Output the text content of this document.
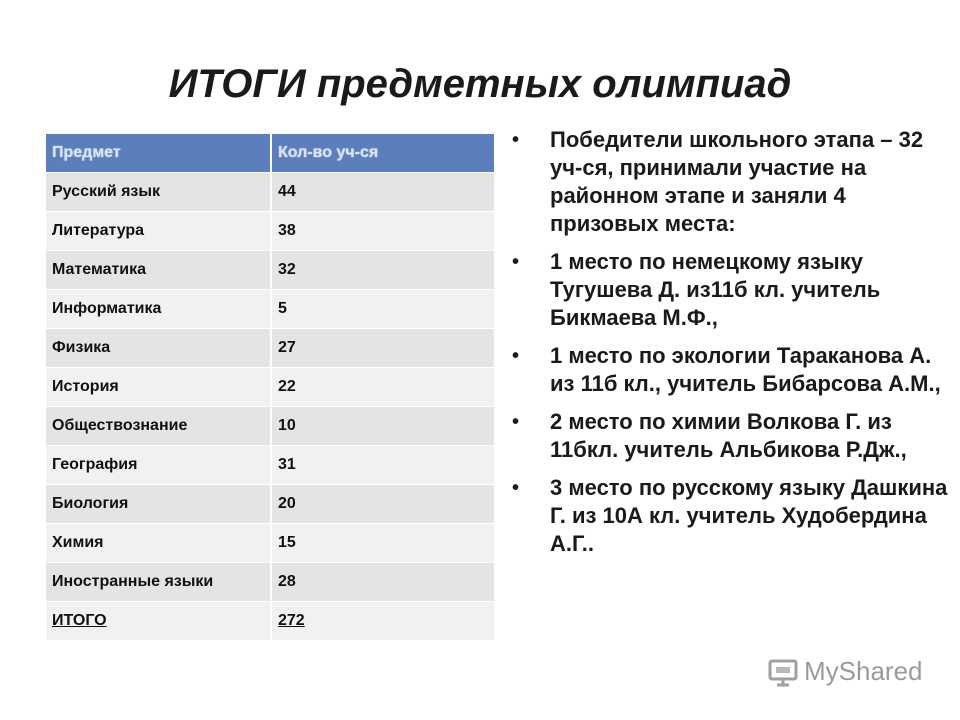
ИТОГИ предметных олимпиад
Предмет	Кол-во уч-ся
Русский язык	44
Литература	38
Математика	32
Информатика	5
Физика	27
История	22
Обществознание	10
География	31
Биология	20
Химия	15
Иностранные языки	28
ИТОГО	272
• Победители школьного этапа – 32 уч-ся, принимали участие на районном этапе и заняли 4 призовых места:
• 1 место по немецкому языку Тугушева Д. из11б кл. учитель Бикмаева М.Ф.,
• 1 место по экологии Тараканова А. из 11б кл., учитель Бибарсова А.М.,
• 2 место по химии Волкова Г. из 11бкл. учитель Альбикова Р.Дж.,
• 3 место по русскому языку Дашкина Г. из 10А кл. учитель Худобердина А.Г..
MyShared
